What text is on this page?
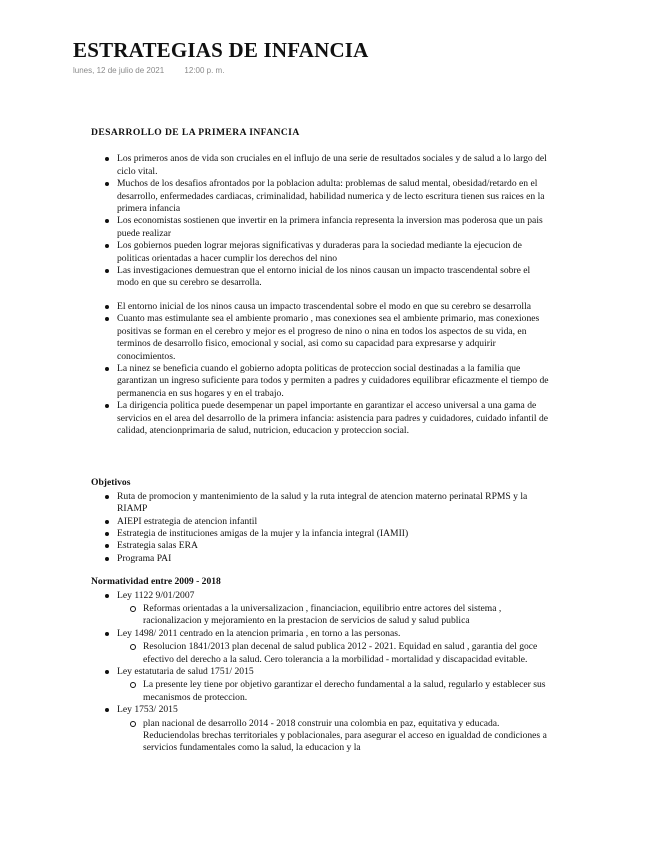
ESTRATEGIAS DE INFANCIA
lunes, 12 de julio de 2021	12:00 p. m.

DESARROLLO DE LA PRIMERA INFANCIA

Los primeros anos de vida son cruciales en el influjo de una serie de resultados sociales y de salud a lo largo del ciclo vital.
Muchos de los desafios afrontados por la poblacion adulta: problemas de salud mental, obesidad/retardo en el desarrollo, enfermedades cardiacas, criminalidad, habilidad numerica y de lecto escritura tienen sus raices en la primera infancia
Los economistas sostienen que invertir en la primera infancia representa la inversion mas poderosa que un pais puede realizar
Los gobiernos pueden lograr mejoras significativas y duraderas para la sociedad mediante la ejecucion de politicas orientadas a hacer cumplir los derechos del nino
Las investigaciones demuestran que el entorno inicial de los ninos causan un impacto trascendental sobre el modo en que su cerebro se desarrolla.
El entorno inicial de los ninos causa un impacto trascendental sobre el modo en que su cerebro se desarrolla
Cuanto mas estimulante sea el ambiente promario , mas conexiones sea el ambiente primario, mas conexiones positivas se forman en el cerebro y mejor es el progreso de nino o nina en todos los aspectos de su vida, en terminos de desarrollo fisico, emocional y social, asi como su capacidad para expresarse y adquirir conocimientos.
La ninez se beneficia cuando el gobierno adopta politicas de proteccion social destinadas a la familia que garantizan un ingreso suficiente para todos y permiten a padres y cuidadores equilibrar eficazmente el tiempo de permanencia en sus hogares y en el trabajo.
La dirigencia politica puede desempenar un papel importante en garantizar el acceso universal a una gama de servicios en el area del desarrollo de la primera infancia: asistencia para padres y cuidadores, cuidado infantil de calidad, atencionprimaria de salud, nutricion, educacion y proteccion social.

Objetivos

Ruta de promocion y mantenimiento de la salud y la ruta integral de atencion materno perinatal RPMS y la RIAMP
AIEPI estrategia de atencion infantil
Estrategia de instituciones amigas de la mujer y la infancia integral (IAMII)
Estrategia salas ERA
Programa PAI

Normatividad entre 2009 - 2018

Ley 1122 9/01/2007
Reformas orientadas a la universalizacion , financiacion, equilibrio entre actores del sistema , racionalizacion y mejoramiento en la prestacion de servicios de salud y salud publica
Ley 1498/ 2011 centrado en la atencion primaria , en torno a las personas.
Resolucion 1841/2013 plan decenal de salud publica 2012 - 2021. Equidad en salud , garantia del goce efectivo del derecho a la salud. Cero tolerancia a la morbilidad - mortalidad y discapacidad evitable.
Ley estatutaria de salud 1751/ 2015
La presente ley tiene por objetivo garantizar el derecho fundamental a la salud, regularlo y establecer sus mecanismos de proteccion.
Ley 1753/ 2015
plan nacional de desarrollo 2014 - 2018 construir una colombia en paz, equitativa y educada. Reduciendolas brechas territoriales y poblacionales, para asegurar el acceso en igualdad de condiciones a servicios fundamentales como la salud, la educacion y la
